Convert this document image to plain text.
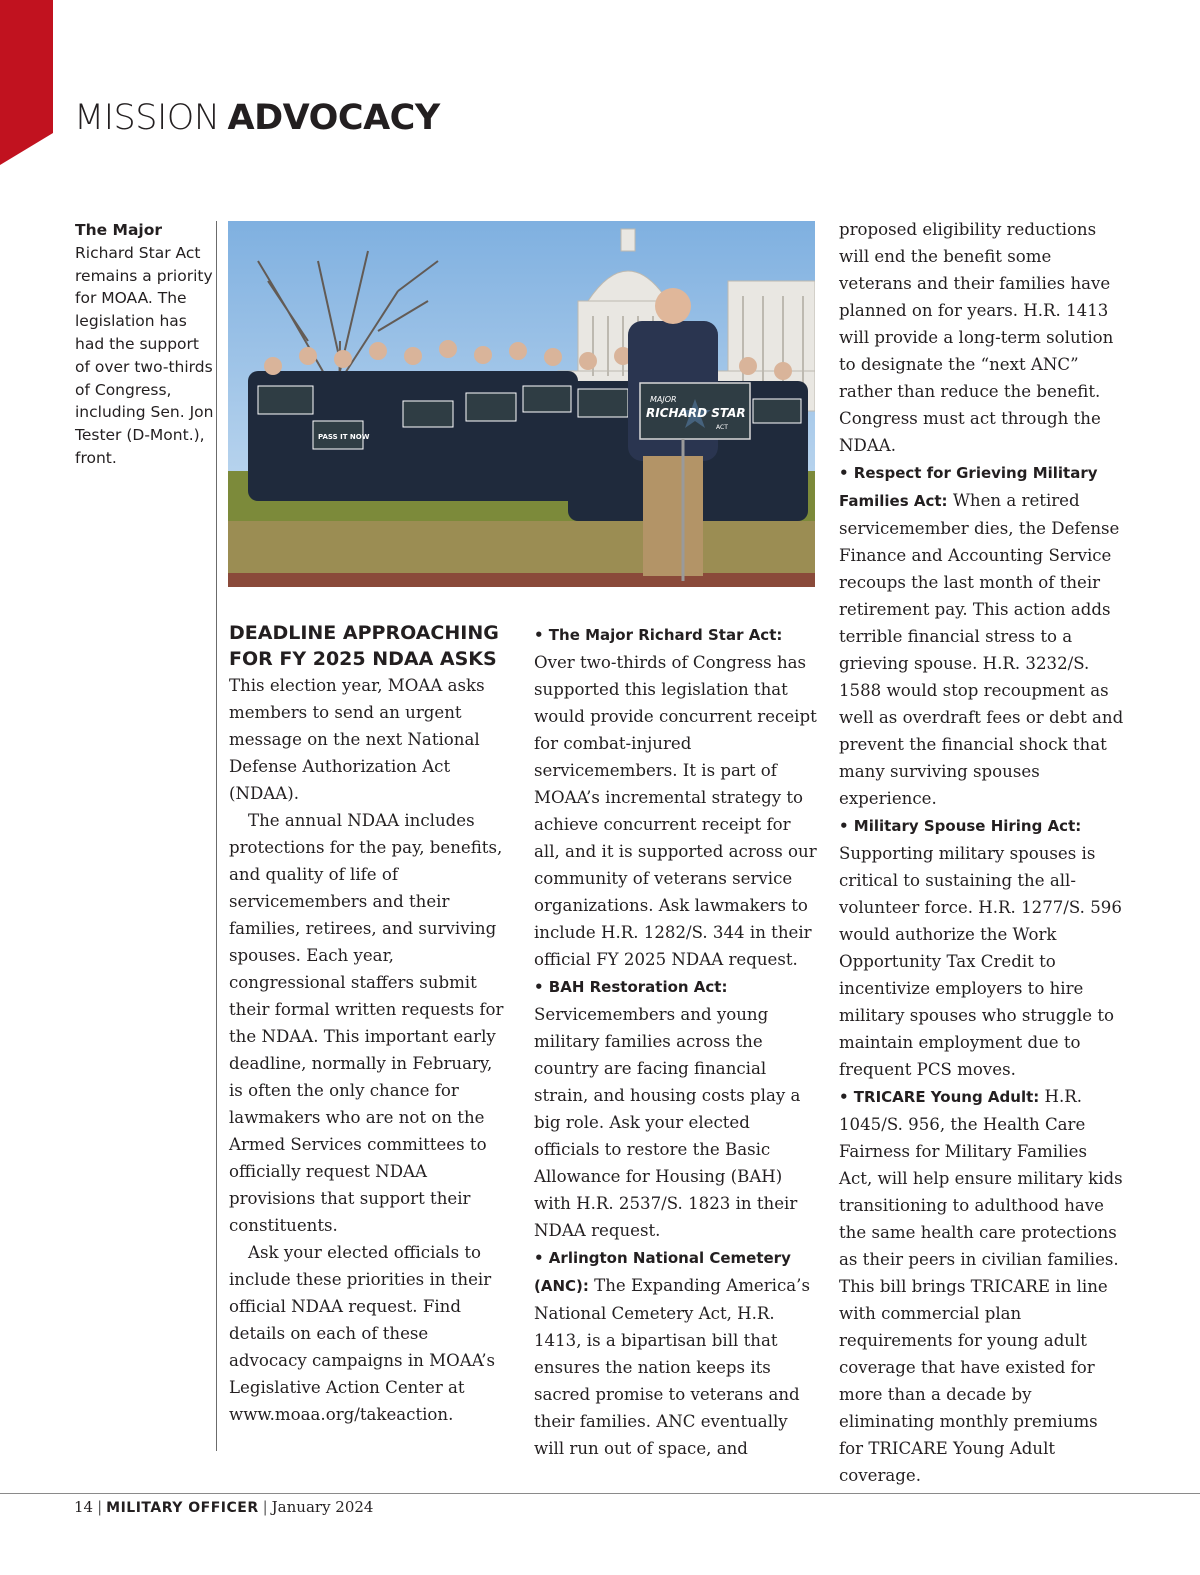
MISSION ADVOCACY
The Major Richard Star Act remains a priority for MOAA. The legislation has had the support of over two-thirds of Congress, including Sen. Jon Tester (D-Mont.), front.
MAJOR
RICHARD STAR
ACT
PASS IT NOW
DEADLINE APPROACHING
FOR FY 2025 NDAA ASKS

This election year, MOAA asks members to send an urgent message on the next National Defense Authorization Act (NDAA).

The annual NDAA includes protections for the pay, benefits, and quality of life of servicemembers and their families, retirees, and surviving spouses. Each year, congressional staffers submit their formal written requests for the NDAA. This important early deadline, normally in February, is often the only chance for lawmakers who are not on the Armed Services committees to officially request NDAA provisions that support their constituents.

Ask your elected officials to include these priorities in their official NDAA request. Find details on each of these advocacy campaigns in MOAA’s Legislative Action Center at www.moaa.org/takeaction.

• The Major Richard Star Act: Over two-thirds of Congress has supported this legislation that would provide concurrent receipt for combat-injured servicemembers. It is part of MOAA’s incremental strategy to achieve concurrent receipt for all, and it is supported across our community of veterans service organizations. Ask lawmakers to include H.R. 1282/S. 344 in their official FY 2025 NDAA request.

• BAH Restoration Act: Servicemembers and young military families across the country are facing financial strain, and housing costs play a big role. Ask your elected officials to restore the Basic Allowance for Housing (BAH) with H.R. 2537/S. 1823 in their NDAA request.

• Arlington National Cemetery (ANC): The Expanding America’s National Cemetery Act, H.R. 1413, is a bipartisan bill that ensures the nation keeps its sacred promise to veterans and their families. ANC eventually will run out of space, and

proposed eligibility reductions will end the benefit some veterans and their families have planned on for years. H.R. 1413 will provide a long-term solution to designate the “next ANC” rather than reduce the benefit. Congress must act through the NDAA.

• Respect for Grieving Military Families Act: When a retired servicemember dies, the Defense Finance and Accounting Service recoups the last month of their retirement pay. This action adds terrible financial stress to a grieving spouse. H.R. 3232/S. 1588 would stop recoupment as well as overdraft fees or debt and prevent the financial shock that many surviving spouses experience.

• Military Spouse Hiring Act: Supporting military spouses is critical to sustaining the all-volunteer force. H.R. 1277/S. 596 would authorize the Work Opportunity Tax Credit to incentivize employers to hire military spouses who struggle to maintain employment due to frequent PCS moves.

• TRICARE Young Adult: H.R. 1045/S. 956, the Health Care Fairness for Military Families Act, will help ensure military kids transitioning to adulthood have the same health care protections as their peers in civilian families. This bill brings TRICARE in line with commercial plan requirements for young adult coverage that have existed for more than a decade by eliminating monthly premiums for TRICARE Young Adult coverage.

14 | MILITARY OFFICER | January 2024
